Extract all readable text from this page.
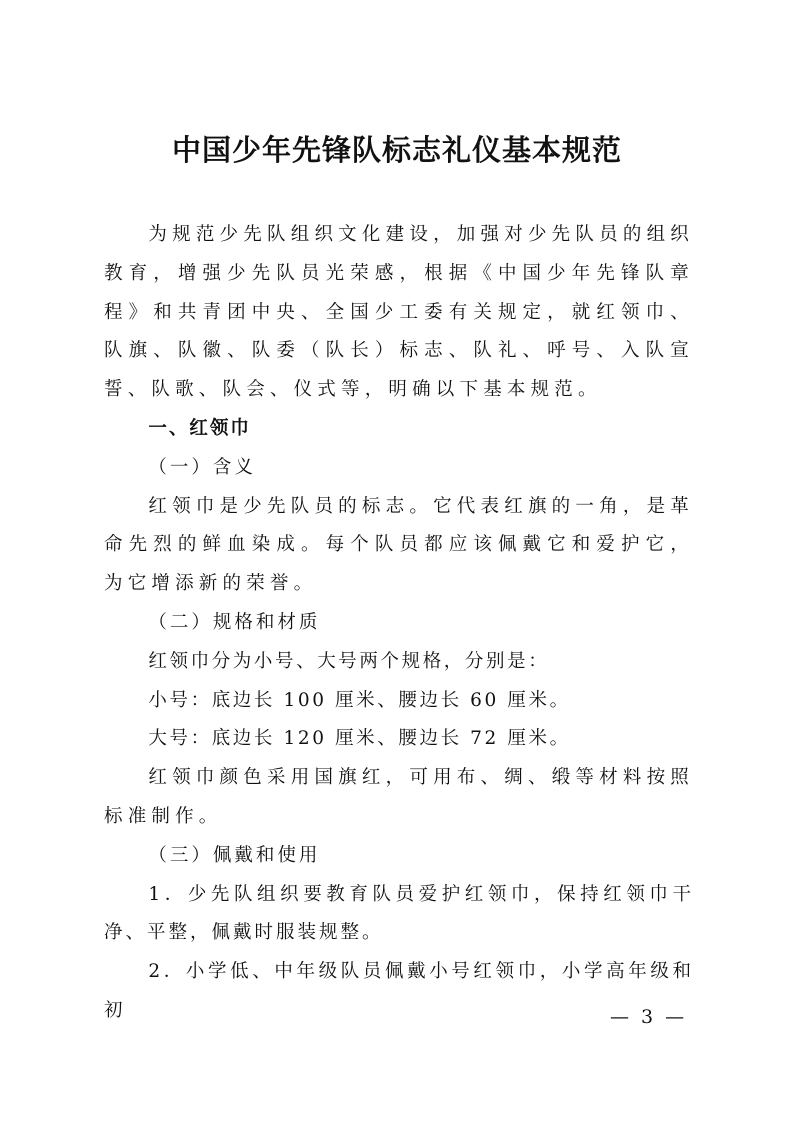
中国少年先锋队标志礼仪基本规范

为规范少先队组织文化建设，加强对少先队员的组织教育，增强少先队员光荣感，根据《中国少年先锋队章程》和共青团中央、全国少工委有关规定，就红领巾、队旗、队徽、队委（队长）标志、队礼、呼号、入队宣誓、队歌、队会、仪式等，明确以下基本规范。

一、红领巾

（一）含义

红领巾是少先队员的标志。它代表红旗的一角，是革命先烈的鲜血染成。每个队员都应该佩戴它和爱护它，为它增添新的荣誉。

（二）规格和材质

红领巾分为小号、大号两个规格，分别是：

小号：底边长 100 厘米、腰边长 60 厘米。

大号：底边长 120 厘米、腰边长 72 厘米。

红领巾颜色采用国旗红，可用布、绸、缎等材料按照标准制作。

（三）佩戴和使用

1．少先队组织要教育队员爱护红领巾，保持红领巾干净、平整，佩戴时服装规整。

2．小学低、中年级队员佩戴小号红领巾，小学高年级和初	— 3 —
